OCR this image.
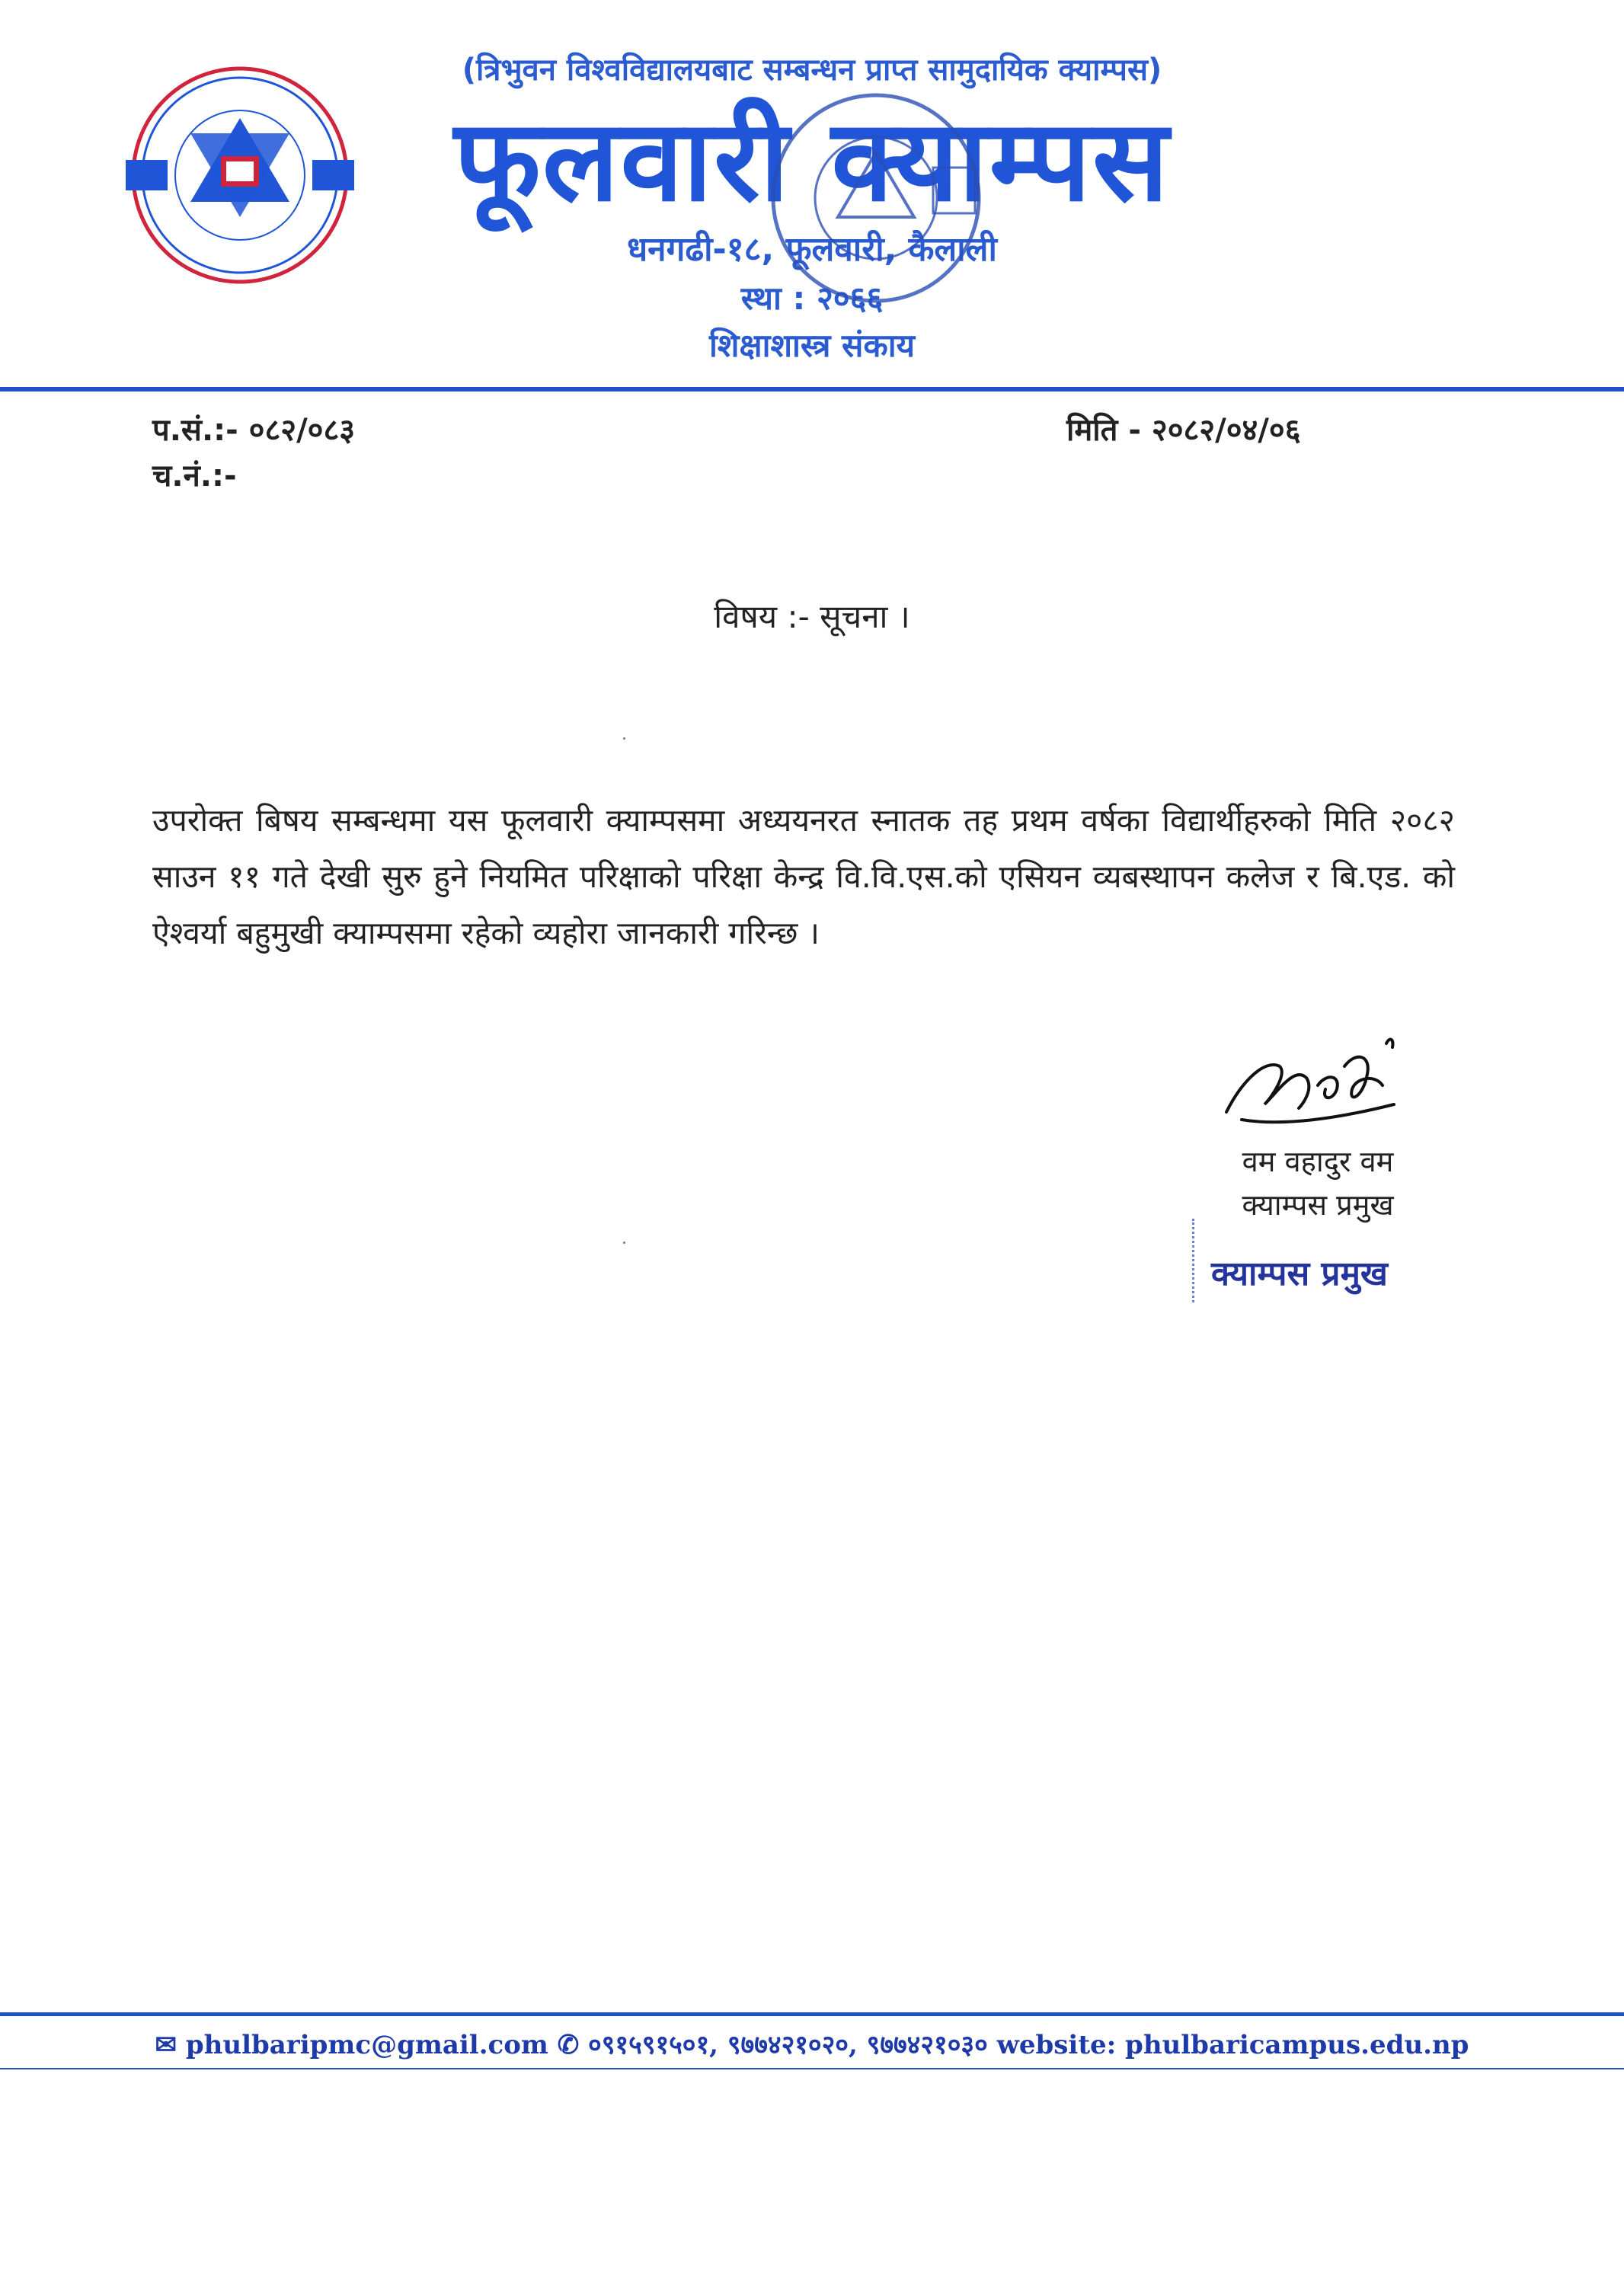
(त्रिभुवन विश्वविद्यालयबाट सम्बन्धन प्राप्त सामुदायिक क्याम्पस)
फूलवारी क्याम्पस
धनगढी-१८, फूलवारी, कैलाली
स्था : २०६६
शिक्षाशास्त्र संकाय
प.सं.:- ०८२/०८३
च.नं.:-
मिति - २०८२/०४/०६
विषय :- सूचना ।
उपरोक्त बिषय सम्बन्धमा यस फूलवारी क्याम्पसमा अध्ययनरत स्नातक तह प्रथम वर्षका विद्यार्थीहरुको मिति २०८२ साउन ११ गते देखी सुरु हुने नियमित परिक्षाको परिक्षा केन्द्र वि.वि.एस.को एसियन व्यबस्थापन कलेज र बि.एड. को ऐश्वर्या बहुमुखी क्याम्पसमा रहेको व्यहोरा जानकारी गरिन्छ ।
वम वहादुर वम
क्याम्पस प्रमुख
क्याम्पस प्रमुख
✉ phulbaripmc@gmail.com ✆ ०९१५९१५०१, ९७७४२१०२०, ९७७४२१०३० website: phulbaricampus.edu.np
